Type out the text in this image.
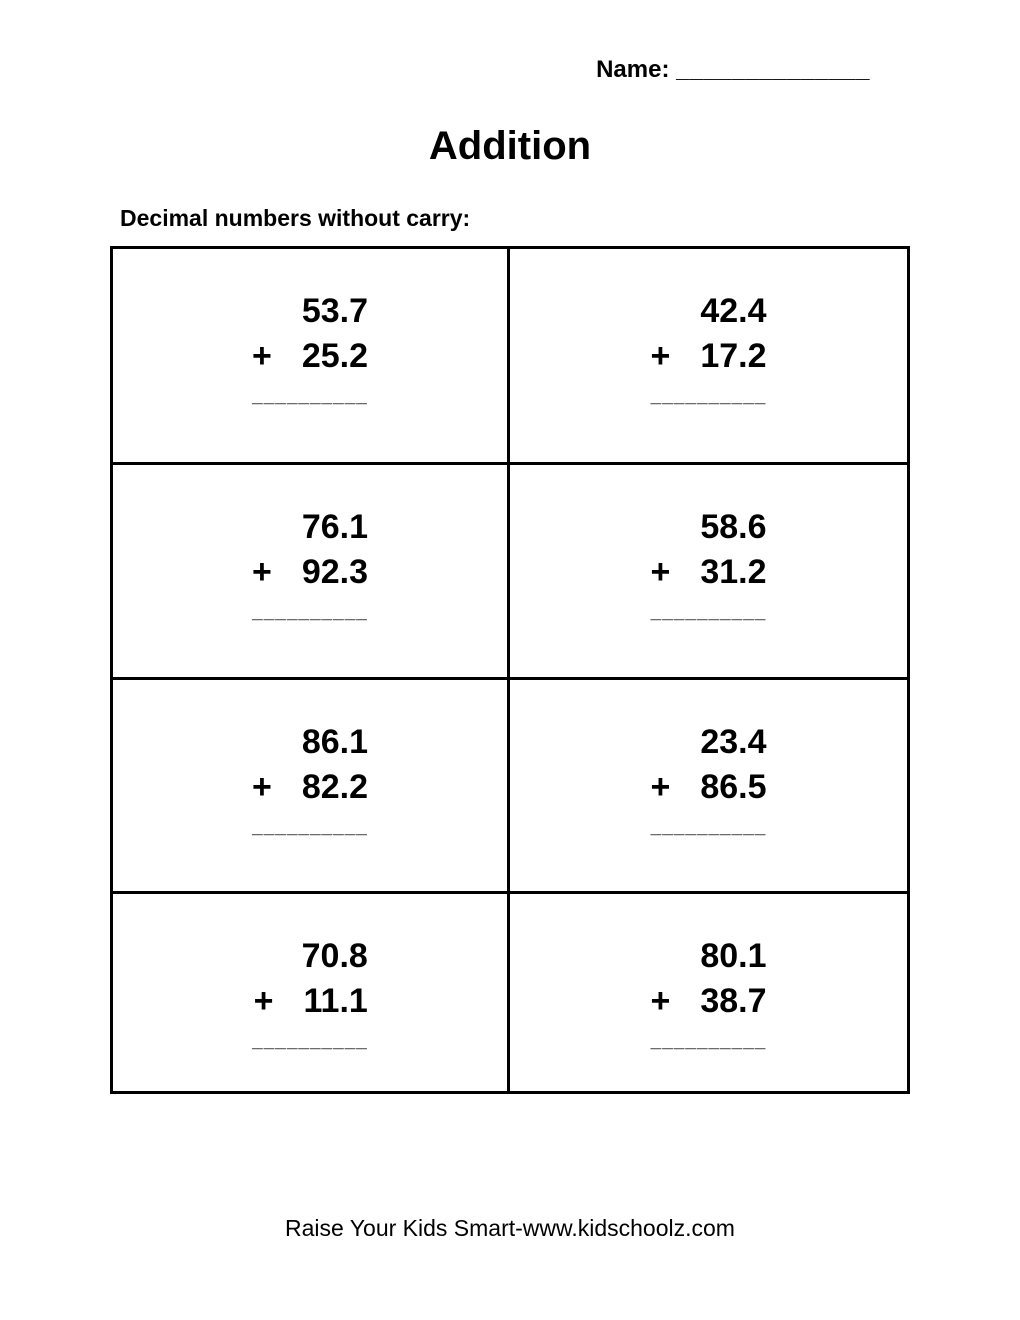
Name: ______________
Addition
Decimal numbers without carry:
53.7
+ 25.2
__________
42.4
+ 17.2
__________
76.1
+ 92.3
__________
58.6
+ 31.2
__________
86.1
+ 82.2
__________
23.4
+ 86.5
__________
70.8
+ 11.1
__________
80.1
+ 38.7
__________
Raise Your Kids Smart-www.kidschoolz.com
